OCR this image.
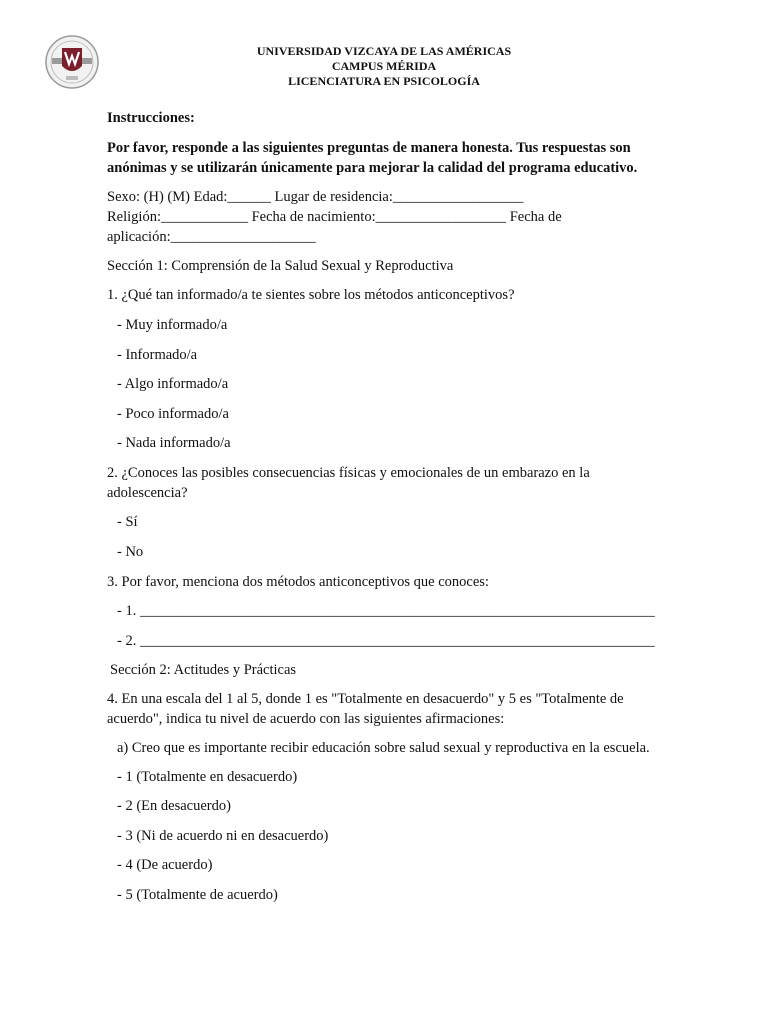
UNIVERSIDAD VIZCAYA DE LAS AMÉRICAS
CAMPUS MÉRIDA
LICENCIATURA EN PSICOLOGÍA

Instrucciones:

Por favor, responde a las siguientes preguntas de manera honesta. Tus respuestas son anónimas y se utilizarán únicamente para mejorar la calidad del programa educativo.

Sexo: (H) (M) Edad:______ Lugar de residencia:__________________

Religión:____________ Fecha de nacimiento:__________________ Fecha de aplicación:____________________

Sección 1: Comprensión de la Salud Sexual y Reproductiva

1. ¿Qué tan informado/a te sientes sobre los métodos anticonceptivos?

- Muy informado/a

- Informado/a

- Algo informado/a

- Poco informado/a

- Nada informado/a

2. ¿Conoces las posibles consecuencias físicas y emocionales de un embarazo en la adolescencia?

- Sí

- No

3. Por favor, menciona dos métodos anticonceptivos que conoces:

- 1. _______________________________________________________________________

- 2. _______________________________________________________________________

Sección 2: Actitudes y Prácticas

4. En una escala del 1 al 5, donde 1 es "Totalmente en desacuerdo" y 5 es "Totalmente de acuerdo", indica tu nivel de acuerdo con las siguientes afirmaciones:

a) Creo que es importante recibir educación sobre salud sexual y reproductiva en la escuela.

- 1 (Totalmente en desacuerdo)

- 2 (En desacuerdo)

- 3 (Ni de acuerdo ni en desacuerdo)

- 4 (De acuerdo)

- 5 (Totalmente de acuerdo)
